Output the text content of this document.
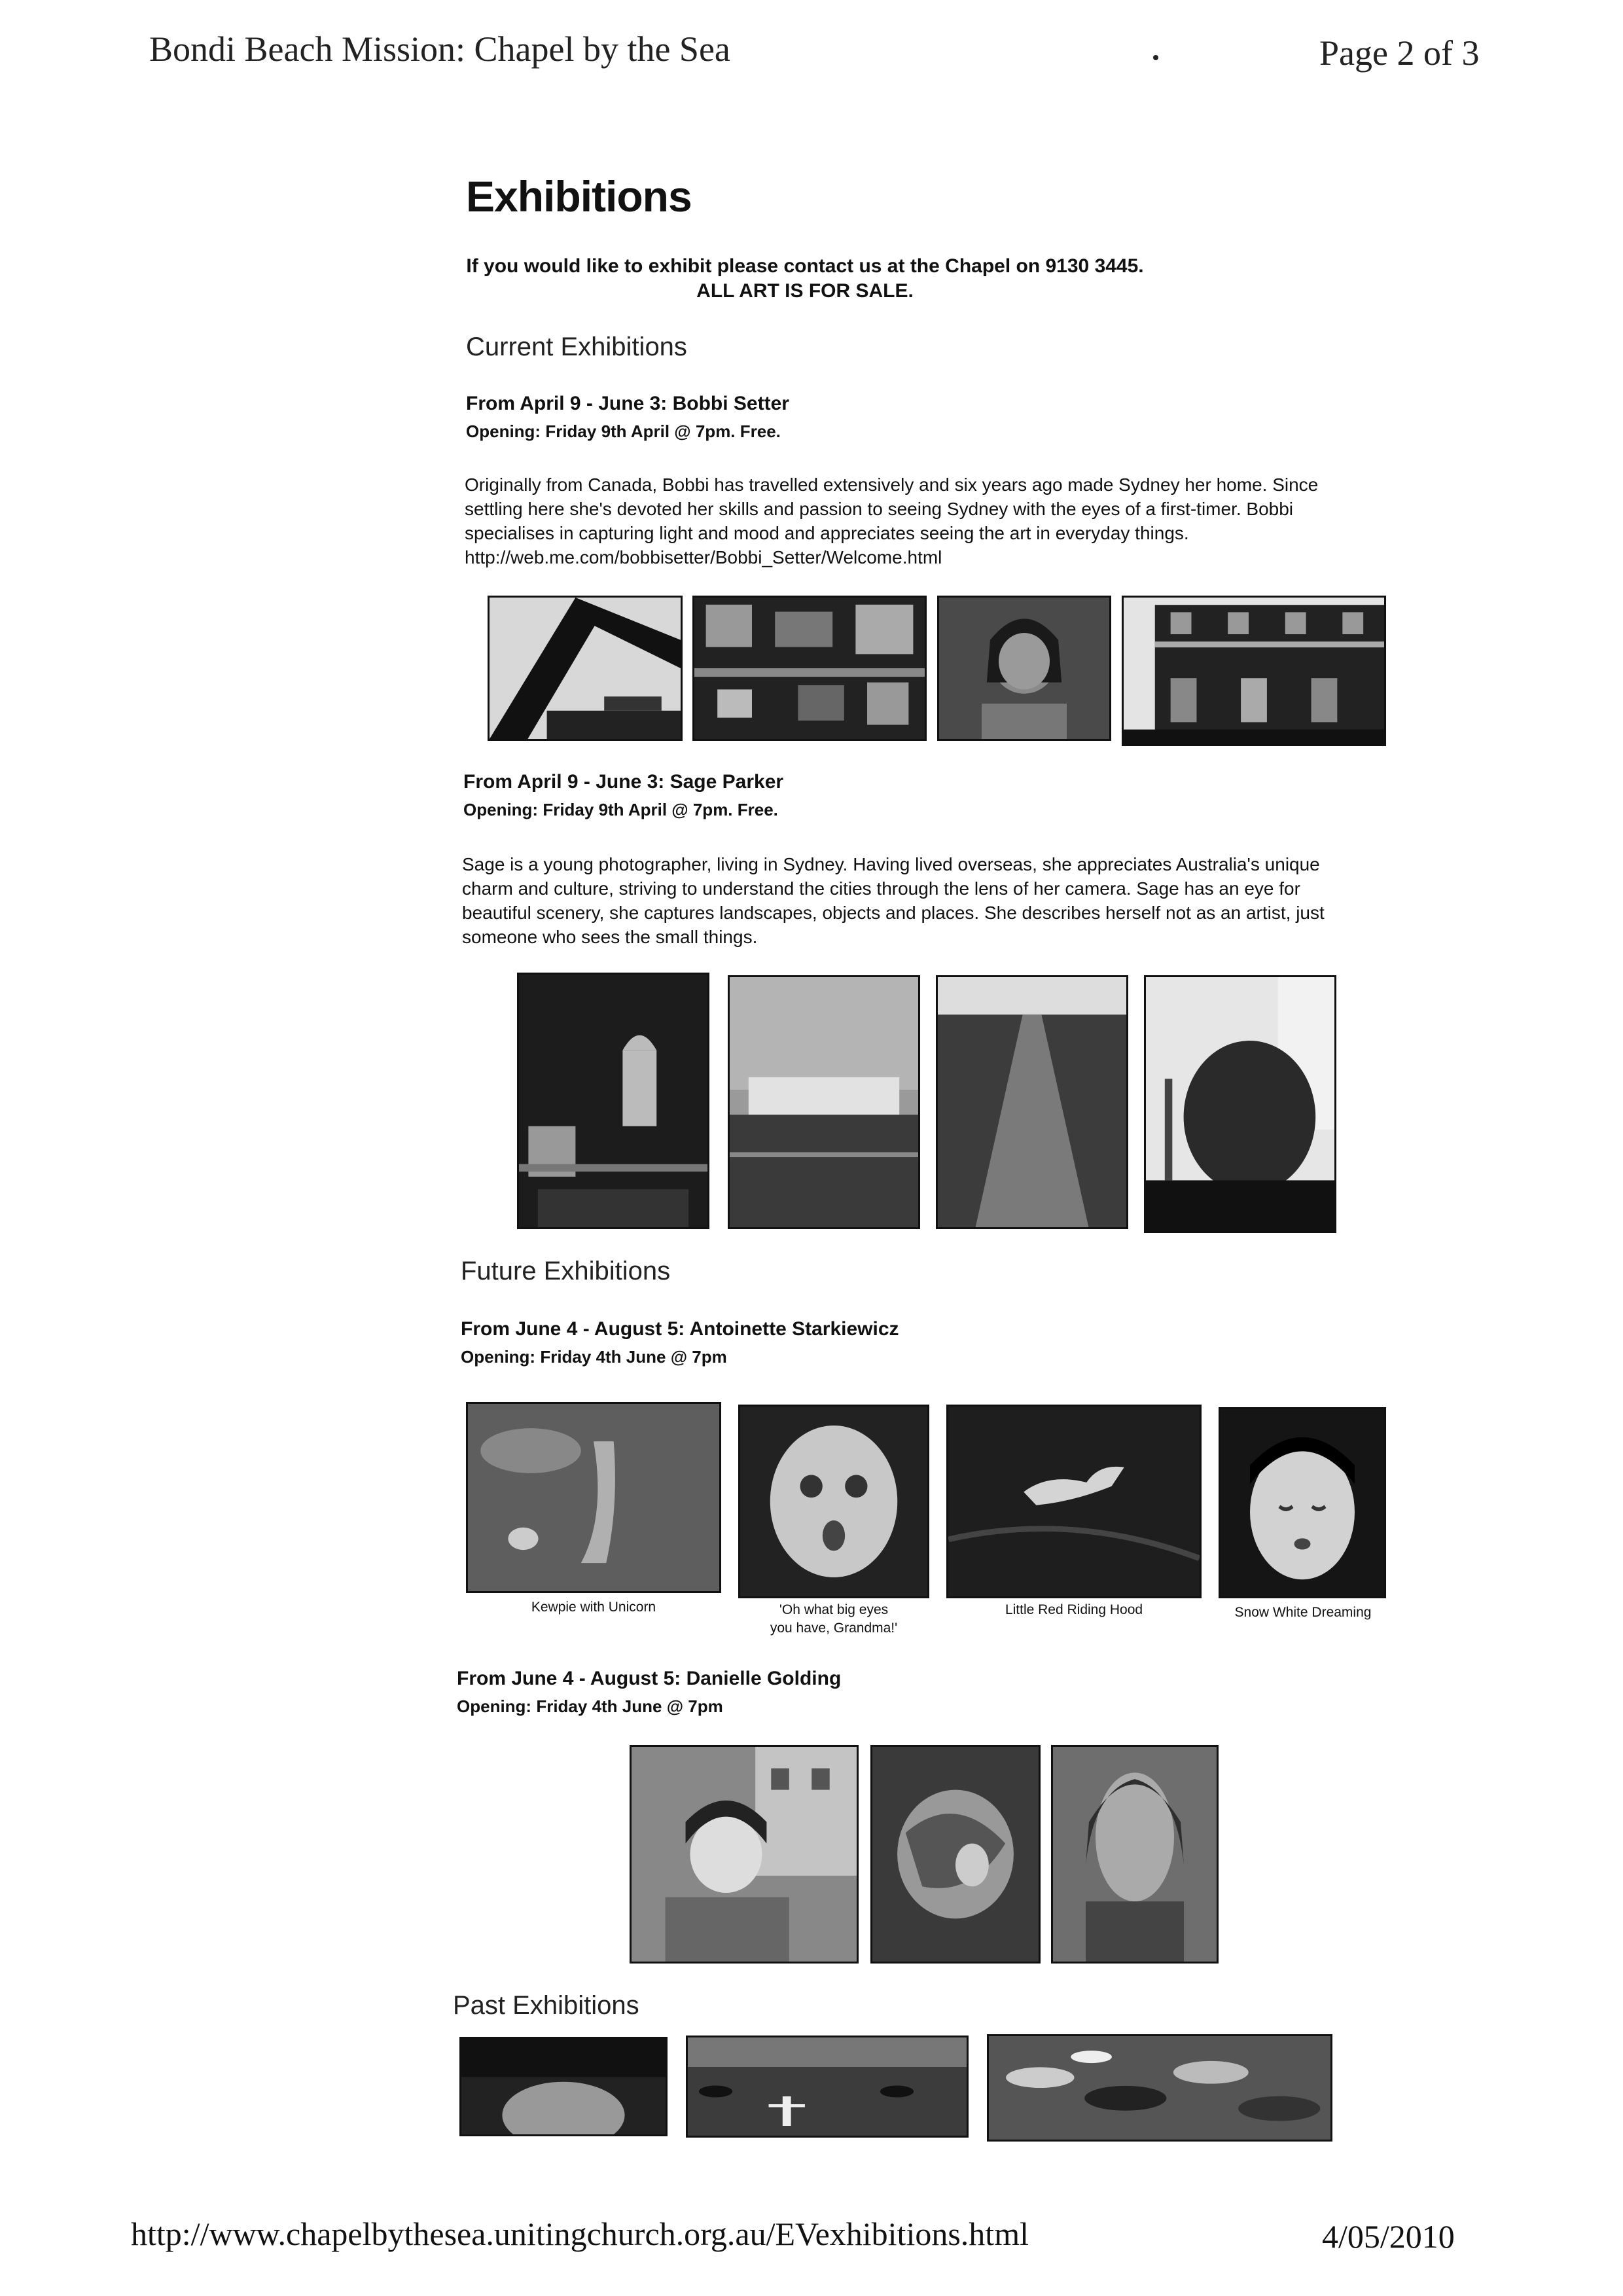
Bondi Beach Mission: Chapel by the Sea	Page 2 of 3
Exhibitions
If you would like to exhibit please contact us at the Chapel on 9130 3445.
ALL ART IS FOR SALE.
Current Exhibitions
From April 9 - June 3: Bobbi Setter
Opening: Friday 9th April @ 7pm. Free.
Originally from Canada, Bobbi has travelled extensively and six years ago made Sydney her home. Since
settling here she's devoted her skills and passion to seeing Sydney with the eyes of a first-timer. Bobbi
specialises in capturing light and mood and appreciates seeing the art in everyday things.
http://web.me.com/bobbisetter/Bobbi_Setter/Welcome.html
From April 9 - June 3: Sage Parker
Opening: Friday 9th April @ 7pm. Free.
Sage is a young photographer, living in Sydney. Having lived overseas, she appreciates Australia's unique
charm and culture, striving to understand the cities through the lens of her camera. Sage has an eye for
beautiful scenery, she captures landscapes, objects and places. She describes herself not as an artist, just
someone who sees the small things.
Future Exhibitions
From June 4 - August 5: Antoinette Starkiewicz
Opening: Friday 4th June @ 7pm
Kewpie with Unicorn	'Oh what big eyes
you have, Grandma!'
Little Red Riding Hood	Snow White Dreaming
From June 4 - August 5: Danielle Golding
Opening: Friday 4th June @ 7pm
Past Exhibitions
http://www.chapelbythesea.unitingchurch.org.au/EVexhibitions.html	4/05/2010
